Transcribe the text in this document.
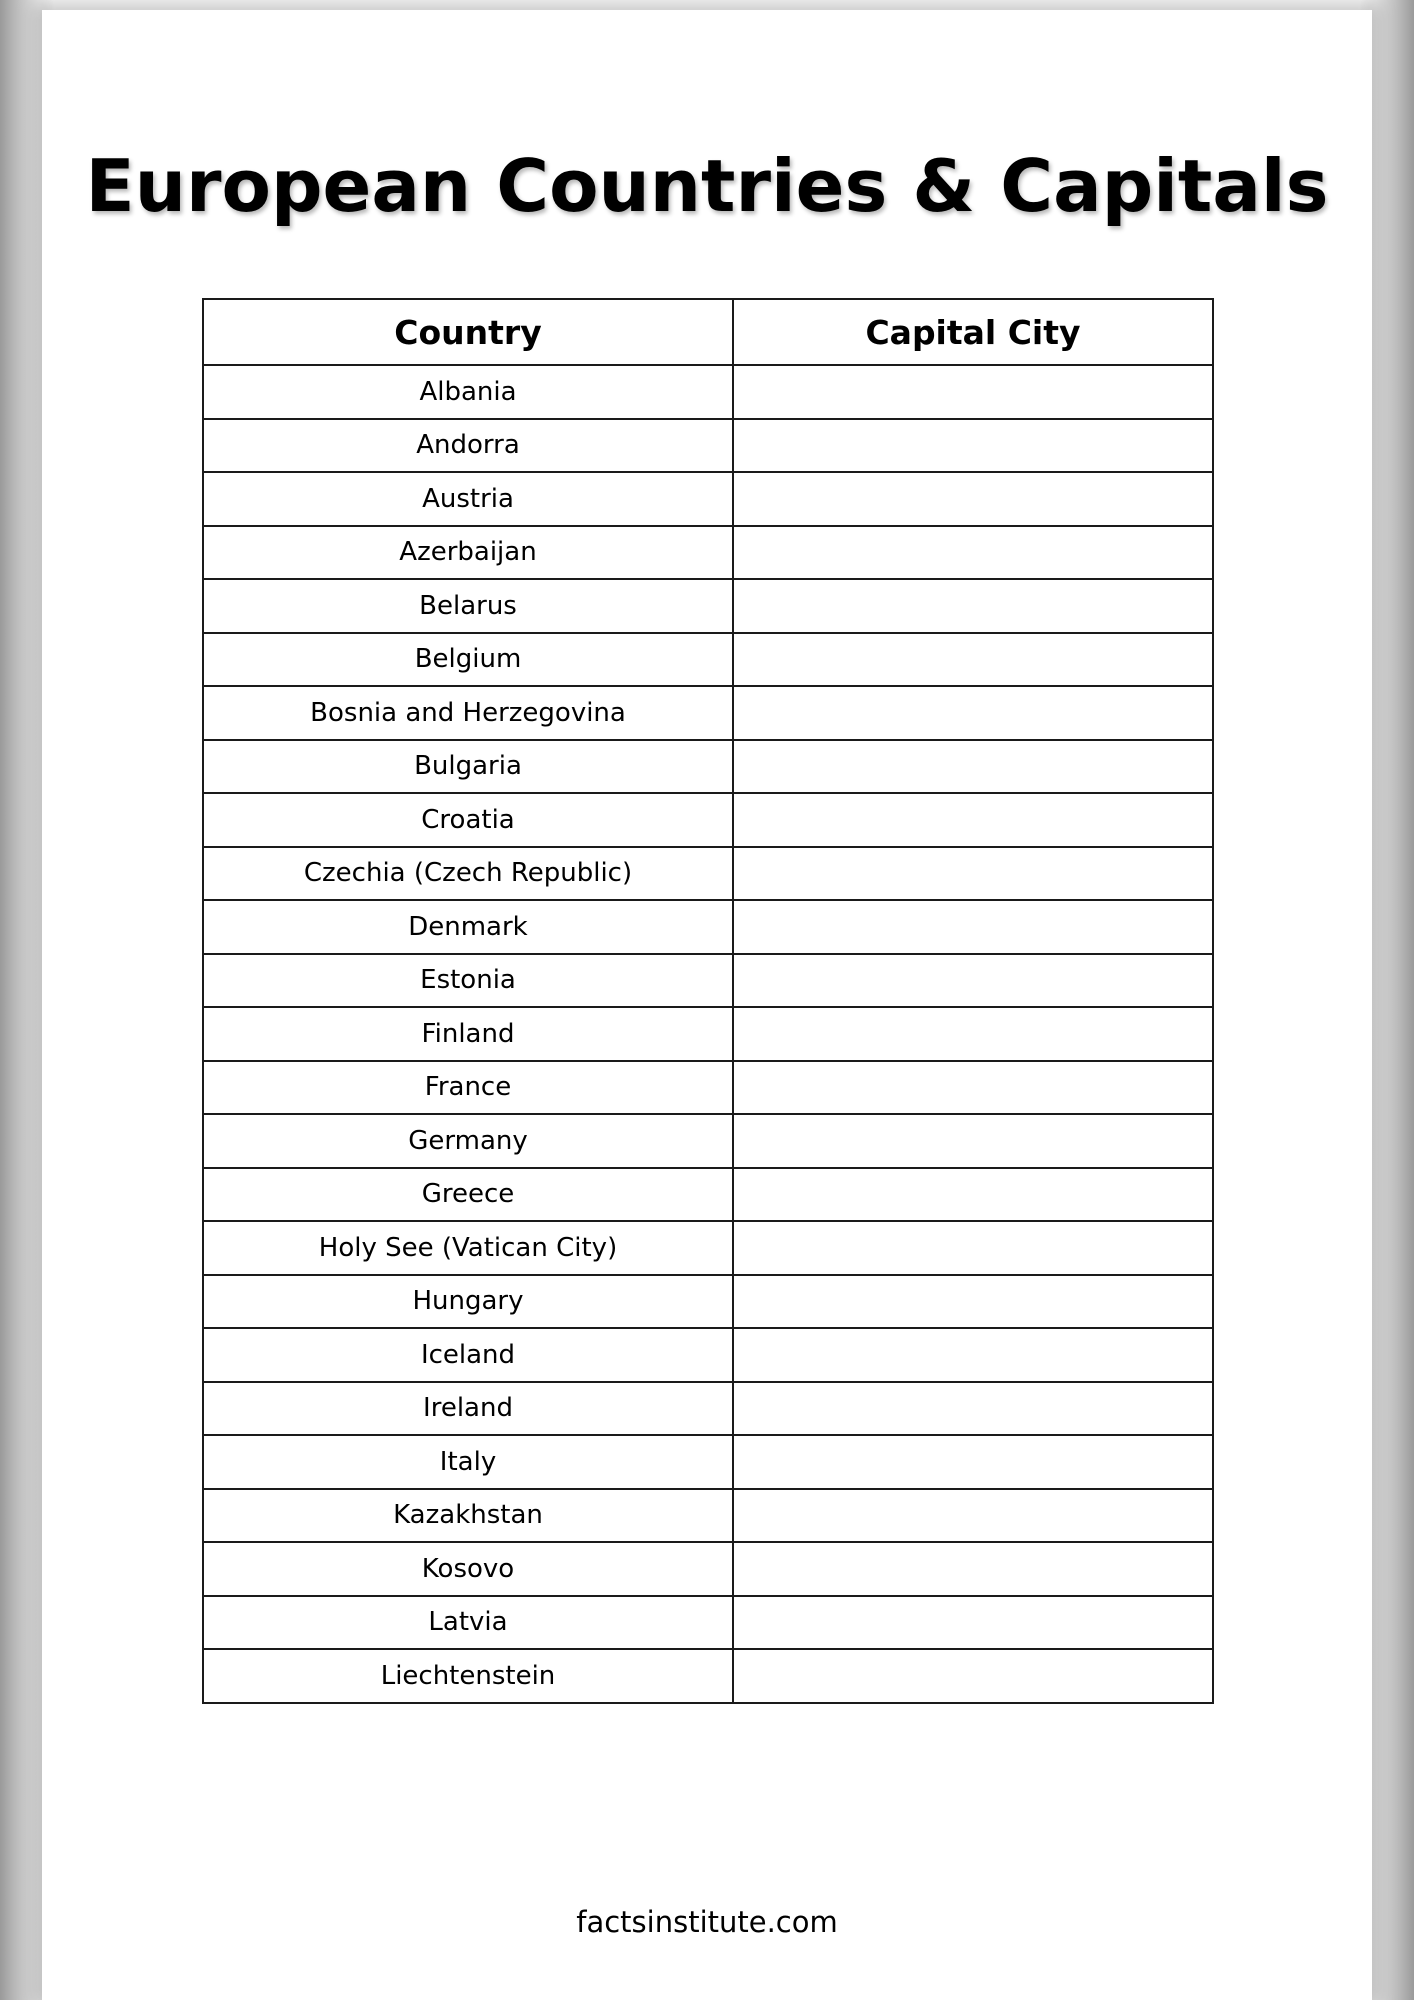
European Countries & Capitals
Country	Capital City
Albania	
Andorra	
Austria	
Azerbaijan	
Belarus	
Belgium	
Bosnia and Herzegovina	
Bulgaria	
Croatia	
Czechia (Czech Republic)	
Denmark	
Estonia	
Finland	
France	
Germany	
Greece	
Holy See (Vatican City)	
Hungary	
Iceland	
Ireland	
Italy	
Kazakhstan	
Kosovo	
Latvia	
Liechtenstein	
factsinstitute.com
